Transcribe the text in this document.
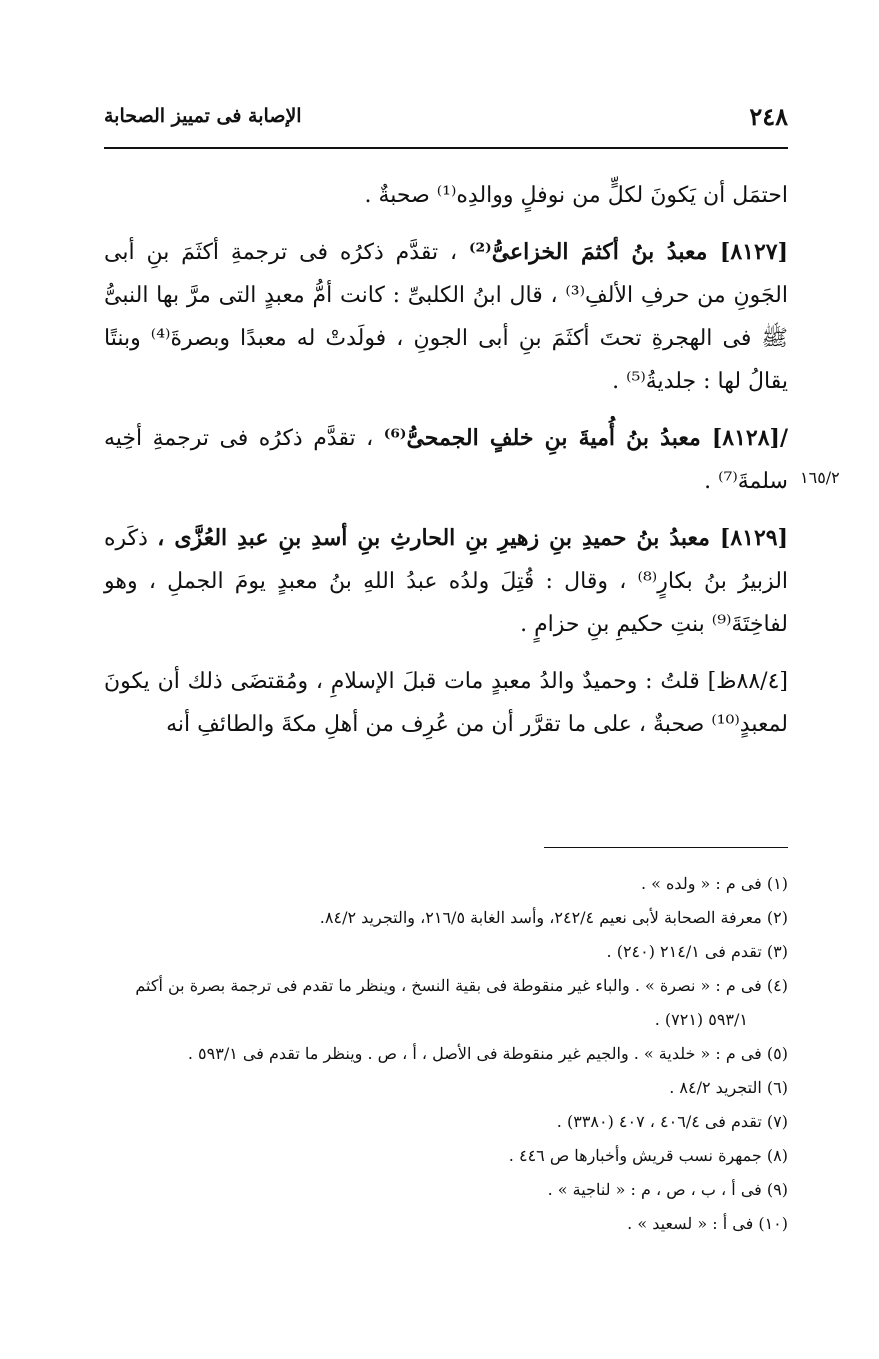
٢٤٨
الإصابة فى تمييز الصحابة
١٦٥/٢

احتمَل أن يَكونَ لكلٍّ من نوفلٍ ووالدِه⁽¹⁾ صحبةٌ .

[٨١٢٧] معبدُ بنُ أكثمَ الخزاعىُّ⁽²⁾ ، تقدَّم ذكرُه فى ترجمةِ أكثَمَ بنِ أبى الجَونِ من حرفِ الألفِ⁽³⁾ ، قال ابنُ الكلبىِّ : كانت أمُّ معبدٍ التى مرَّ بها النبىُّ ﷺ فى الهجرةِ تحتَ أكثَمَ بنِ أبى الجونِ ، فولَدتْ له معبدًا وبصرةَ⁽⁴⁾ وبنتًا يقالُ لها : جلديةُ⁽⁵⁾ .

/[٨١٢٨] معبدُ بنُ أُميةَ بنِ خلفٍ الجمحىُّ⁽⁶⁾ ، تقدَّم ذكرُه فى ترجمةِ أخِيه سلمةَ⁽⁷⁾ .

[٨١٢٩] معبدُ بنُ حميدِ بنِ زهيرِ بنِ الحارثِ بنِ أسدِ بنِ عبدِ العُزَّى ، ذكَره الزبيرُ بنُ بكارٍ⁽⁸⁾ ، وقال : قُتِلَ ولدُه عبدُ اللهِ بنُ معبدٍ يومَ الجملِ ، وهو لفاخِتَةَ⁽⁹⁾ بنتِ حكيمِ بنِ حزامٍ .

[٨٨/٤ظ] قلتُ : وحميدٌ والدُ معبدٍ مات قبلَ الإسلامِ ، ومُقتضَى ذلك أن يكونَ لمعبدٍ⁽¹⁰⁾ صحبةٌ ، على ما تقرَّر أن من عُرِف من أهلِ مكةَ والطائفِ أنه

(١) فى م : « ولده » .
(٢) معرفة الصحابة لأبى نعيم ٢٤٢/٤، وأسد الغابة ٢١٦/٥، والتجريد ٨٤/٢.
(٣) تقدم فى ٢١٤/١ (٢٤٠) .
(٤) فى م : « نصرة » . والباء غير منقوطة فى بقية النسخ ، وينظر ما تقدم فى ترجمة بصرة بن أكثم
٥٩٣/١ (٧٢١) .
(٥) فى م : « خلدية » . والجيم غير منقوطة فى الأصل ، أ ، ص . وينظر ما تقدم فى ٥٩٣/١ .
(٦) التجريد ٨٤/٢ .
(٧) تقدم فى ٤٠٦/٤ ، ٤٠٧ (٣٣٨٠) .
(٨) جمهرة نسب قريش وأخبارها ص ٤٤٦ .
(٩) فى أ ، ب ، ص ، م : « لناجية » .
(١٠) فى أ : « لسعيد » .
